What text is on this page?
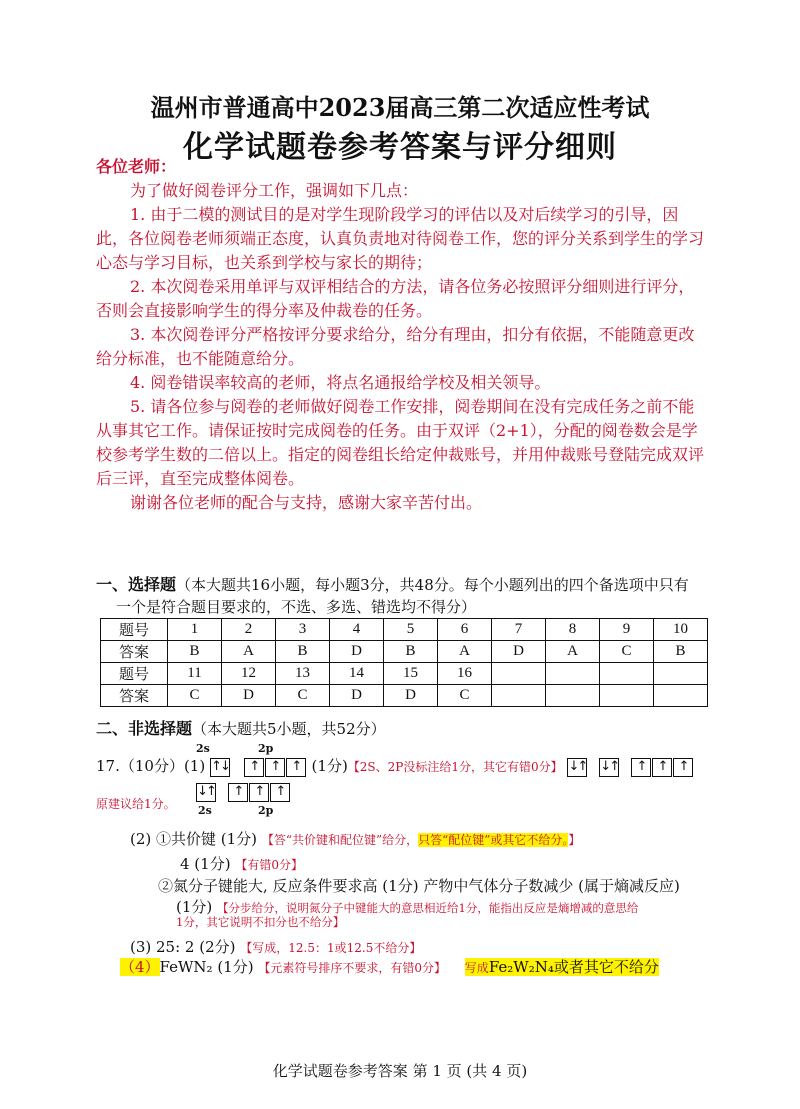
温州市普通高中2023届高三第二次适应性考试
化学试题卷参考答案与评分细则

各位老师：

为了做好阅卷评分工作，强调如下几点：

1. 由于二模的测试目的是对学生现阶段学习的评估以及对后续学习的引导，因此，各位阅卷老师须端正态度，认真负责地对待阅卷工作，您的评分关系到学生的学习心态与学习目标，也关系到学校与家长的期待；

2. 本次阅卷采用单评与双评相结合的方法，请各位务必按照评分细则进行评分，否则会直接影响学生的得分率及仲裁卷的任务。

3. 本次阅卷评分严格按评分要求给分，给分有理由，扣分有依据，不能随意更改给分标准，也不能随意给分。

4. 阅卷错误率较高的老师，将点名通报给学校及相关领导。

5. 请各位参与阅卷的老师做好阅卷工作安排，阅卷期间在没有完成任务之前不能从事其它工作。请保证按时完成阅卷的任务。由于双评（2+1），分配的阅卷数会是学校参考学生数的二倍以上。指定的阅卷组长给定仲裁账号，并用仲裁账号登陆完成双评后三评，直至完成整体阅卷。

谢谢各位老师的配合与支持，感谢大家辛苦付出。

一、选择题（本大题共16小题，每小题3分，共48分。每个小题列出的四个备选项中只有
一个是符合题目要求的，不选、多选、错选均不得分）
题号	1	2	3	4	5	6	7	8	9	10
答案	B	A	B	D	B	A	D	A	C	B
题号	11	12	13	14	15	16				
答案	C	D	C	D	D	C				
二、非选择题（本大题共5小题，共52分）
2s	2p
17.（10分）(1) ↑↓ ↑ ↑ ↑ (1分)【2S、2P没标注给1分，其它有错0分】 ↓↑ ↓↑ ↑ ↑ ↑
原建议给1分。
↓↑ ↑ ↑ ↑
2s	2p
(2) ①共价键 (1分) 【答“共价键和配位键”给分，只答“配位键”或其它不给分。】
4 (1分) 【有错0分】
②氮分子键能大, 反应条件要求高 (1分) 产物中气体分子数减少 (属于熵减反应)
(1分) 【分步给分，说明氮分子中键能大的意思相近给1分，能指出反应是熵增减的意思给
1分，其它说明不扣分也不给分】
(3) 25: 2 (2分) 【写成，12.5：1或12.5不给分】
（4）FeWN₂ (1分) 【元素符号排序不要求，有错0分】 写成Fe₂W₂N₄或者其它不给分
化学试题卷参考答案 第 1 页 (共 4 页)
